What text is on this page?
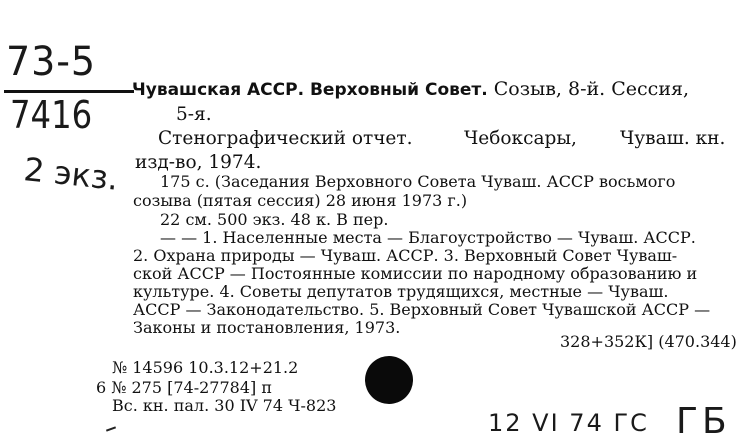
73-5
7416
2 экз.
Чувашская АССР. Верховный Совет. Созыв, 8-й. Сессия,
5-я.
Стенографический отчет.	Чебоксары, Чуваш. кн.
изд-во, 1974.
175 с. (Заседания Верховного Совета Чуваш. АССР восьмого
созыва (пятая сессия) 28 июня 1973 г.)
22 см. 500 экз. 48 к. В пер.
— — 1. Населенные места — Благоустройство — Чуваш. АССР.
2. Охрана природы — Чуваш. АССР. 3. Верховный Совет Чуваш-
ской АССР — Постоянные комиссии по народному образованию и
культуре. 4. Советы депутатов трудящихся, местные — Чуваш.
АССР — Законодательство. 5. Верховный Совет Чувашской АССР —
Законы и постановления, 1973.
328+352К] (470.344)
№ 14596 10.3.12+21.2
6 № 275 [74-27784] п
Вс. кн. пал. 30 IV 74 Ч-823
12 VI 74 ГС ГБ
